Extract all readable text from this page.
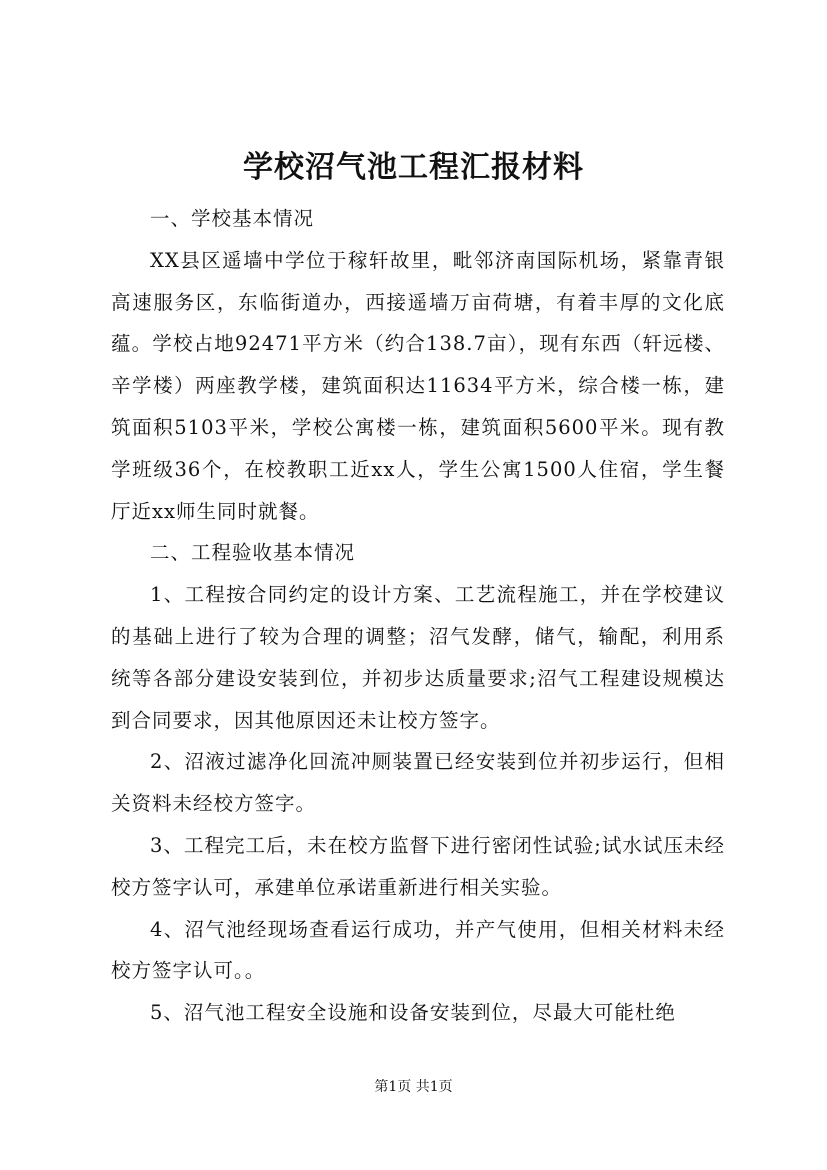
学校沼气池工程汇报材料

一、学校基本情况

XX县区遥墙中学位于稼轩故里，毗邻济南国际机场，紧靠青银高速服务区，东临街道办，西接遥墙万亩荷塘，有着丰厚的文化底蕴。学校占地92471平方米（约合138.7亩），现有东西（轩远楼、辛学楼）两座教学楼，建筑面积达11634平方米，综合楼一栋，建筑面积5103平米，学校公寓楼一栋，建筑面积5600平米。现有教学班级36个，在校教职工近xx人，学生公寓1500人住宿，学生餐厅近xx师生同时就餐。

二、工程验收基本情况

1、工程按合同约定的设计方案、工艺流程施工，并在学校建议的基础上进行了较为合理的调整；沼气发酵，储气，输配，利用系统等各部分建设安装到位，并初步达质量要求;沼气工程建设规模达到合同要求，因其他原因还未让校方签字。

2、沼液过滤净化回流冲厕装置已经安装到位并初步运行，但相关资料未经校方签字。

3、工程完工后，未在校方监督下进行密闭性试验;试水试压未经校方签字认可，承建单位承诺重新进行相关实验。

4、沼气池经现场查看运行成功，并产气使用，但相关材料未经校方签字认可。。

5、沼气池工程安全设施和设备安装到位，尽最大可能杜绝

第1页 共1页
